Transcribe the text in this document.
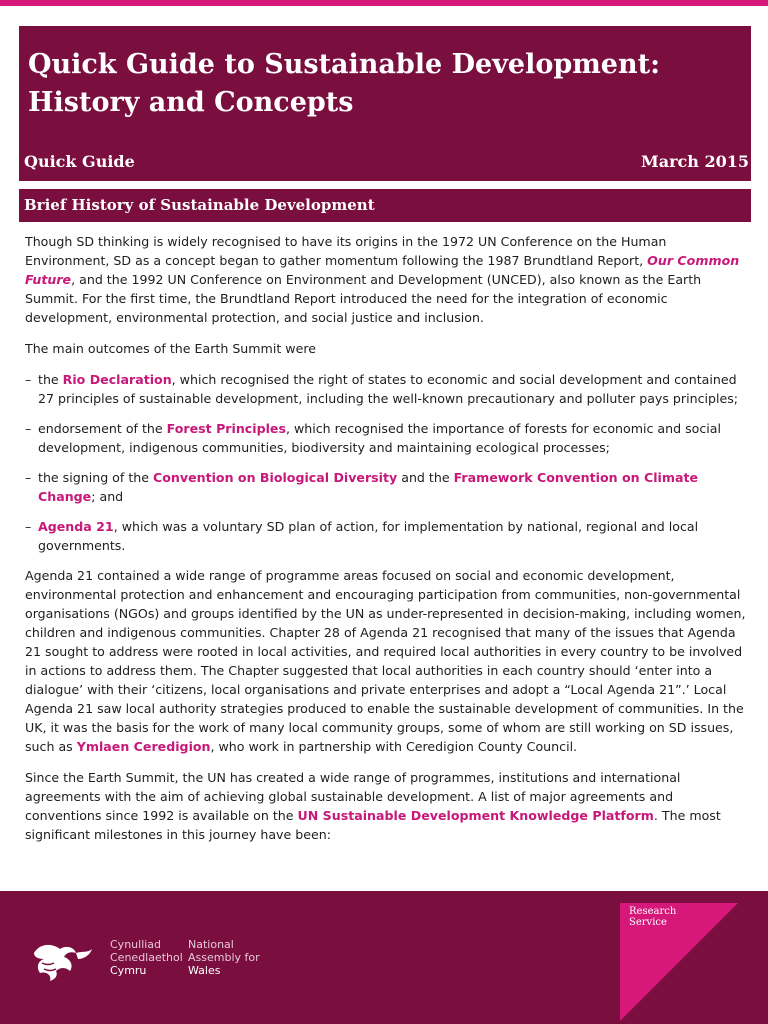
Quick Guide to Sustainable Development:
History and Concepts
Quick Guide	March 2015
Brief History of Sustainable Development

Though SD thinking is widely recognised to have its origins in the 1972 UN Conference on the Human Environment, SD as a concept began to gather momentum following the 1987 Brundtland Report, Our Common Future, and the 1992 UN Conference on Environment and Development (UNCED), also known as the Earth Summit. For the first time, the Brundtland Report introduced the need for the integration of economic development, environmental protection, and social justice and inclusion.

The main outcomes of the Earth Summit were

– the Rio Declaration, which recognised the right of states to economic and social development and contained 27 principles of sustainable development, including the well-known precautionary and polluter pays principles;
– endorsement of the Forest Principles, which recognised the importance of forests for economic and social development, indigenous communities, biodiversity and maintaining ecological processes;
– the signing of the Convention on Biological Diversity and the Framework Convention on Climate Change; and
– Agenda 21, which was a voluntary SD plan of action, for implementation by national, regional and local governments.

Agenda 21 contained a wide range of programme areas focused on social and economic development, environmental protection and enhancement and encouraging participation from communities, non-governmental organisations (NGOs) and groups identified by the UN as under-represented in decision-making, including women, children and indigenous communities. Chapter 28 of Agenda 21 recognised that many of the issues that Agenda 21 sought to address were rooted in local activities, and required local authorities in every country to be involved in actions to address them. The Chapter suggested that local authorities in each country should ‘enter into a dialogue’ with their ‘citizens, local organisations and private enterprises and adopt a “Local Agenda 21”.’ Local Agenda 21 saw local authority strategies produced to enable the sustainable development of communities. In the UK, it was the basis for the work of many local community groups, some of whom are still working on SD issues, such as Ymlaen Ceredigion, who work in partnership with Ceredigion County Council.

Since the Earth Summit, the UN has created a wide range of programmes, institutions and international agreements with the aim of achieving global sustainable development. A list of major agreements and conventions since 1992 is available on the UN Sustainable Development Knowledge Platform. The most significant milestones in this journey have been:

Cynulliad
Cenedlaethol
Cymru
National
Assembly for
Wales
Research
Service
